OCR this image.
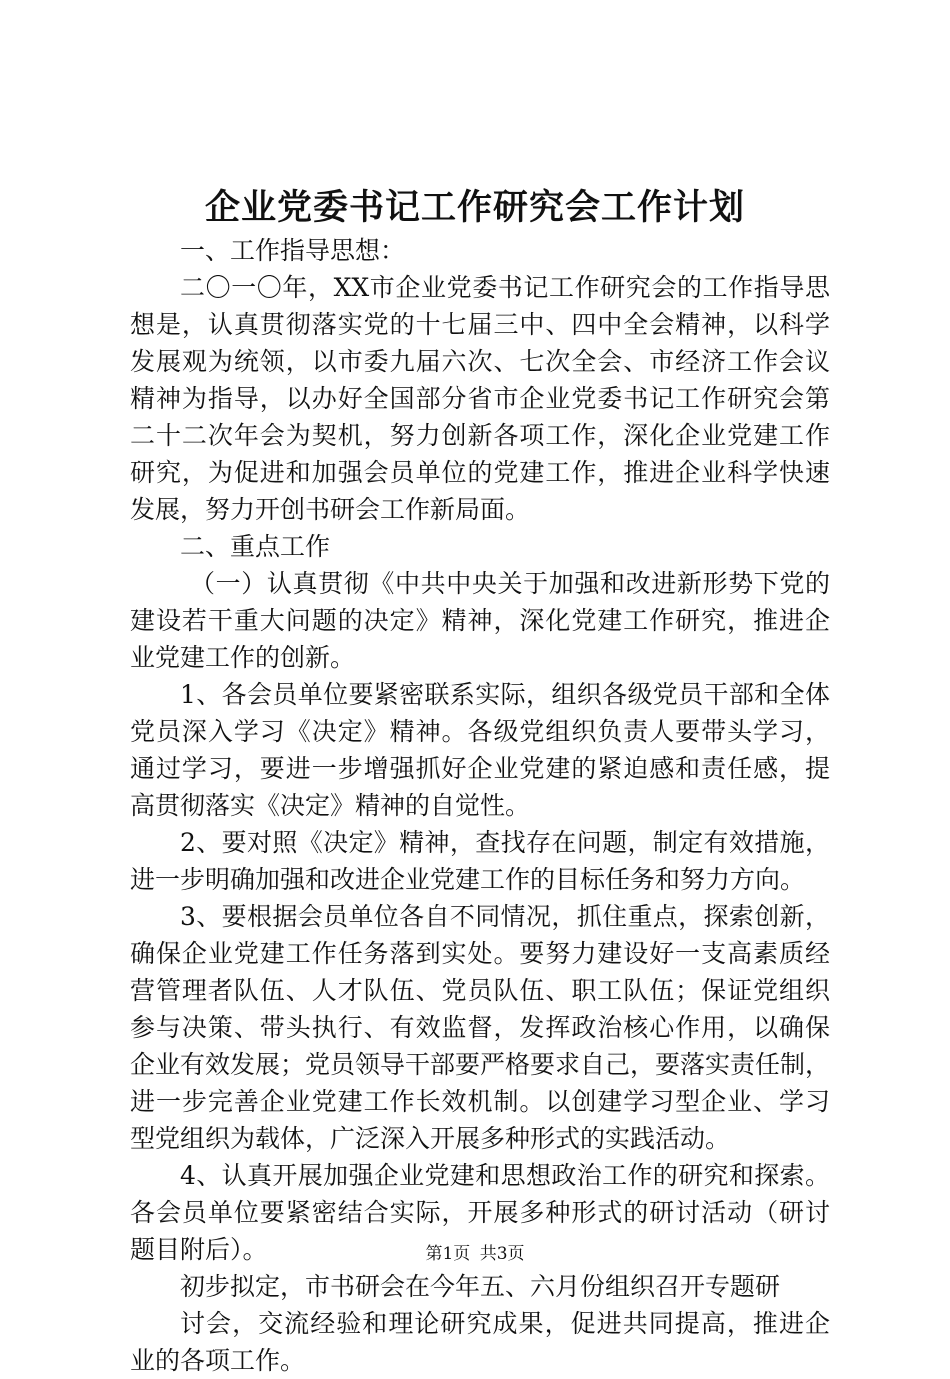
企业党委书记工作研究会工作计划
一、工作指导思想：
二〇一〇年，XX市企业党委书记工作研究会的工作指导思
想是，认真贯彻落实党的十七届三中、四中全会精神，以科学
发展观为统领，以市委九届六次、七次全会、市经济工作会议
精神为指导，以办好全国部分省市企业党委书记工作研究会第
二十二次年会为契机，努力创新各项工作，深化企业党建工作
研究，为促进和加强会员单位的党建工作，推进企业科学快速
发展，努力开创书研会工作新局面。
二、重点工作
（一）认真贯彻《中共中央关于加强和改进新形势下党的
建设若干重大问题的决定》精神，深化党建工作研究，推进企
业党建工作的创新。
1、各会员单位要紧密联系实际，组织各级党员干部和全体
党员深入学习《决定》精神。各级党组织负责人要带头学习，
通过学习，要进一步增强抓好企业党建的紧迫感和责任感，提
高贯彻落实《决定》精神的自觉性。
2、要对照《决定》精神，查找存在问题，制定有效措施，
进一步明确加强和改进企业党建工作的目标任务和努力方向。
3、要根据会员单位各自不同情况，抓住重点，探索创新，
确保企业党建工作任务落到实处。要努力建设好一支高素质经
营管理者队伍、人才队伍、党员队伍、职工队伍；保证党组织
参与决策、带头执行、有效监督，发挥政治核心作用，以确保
企业有效发展；党员领导干部要严格要求自己，要落实责任制，
进一步完善企业党建工作长效机制。以创建学习型企业、学习
型党组织为载体，广泛深入开展多种形式的实践活动。
4、认真开展加强企业党建和思想政治工作的研究和探索。
各会员单位要紧密结合实际，开展多种形式的研讨活动（研讨
题目附后）。
初步拟定，市书研会在今年五、六月份组织召开专题研
讨会，交流经验和理论研究成果，促进共同提高，推进企
业的各项工作。
第1页 共3页
